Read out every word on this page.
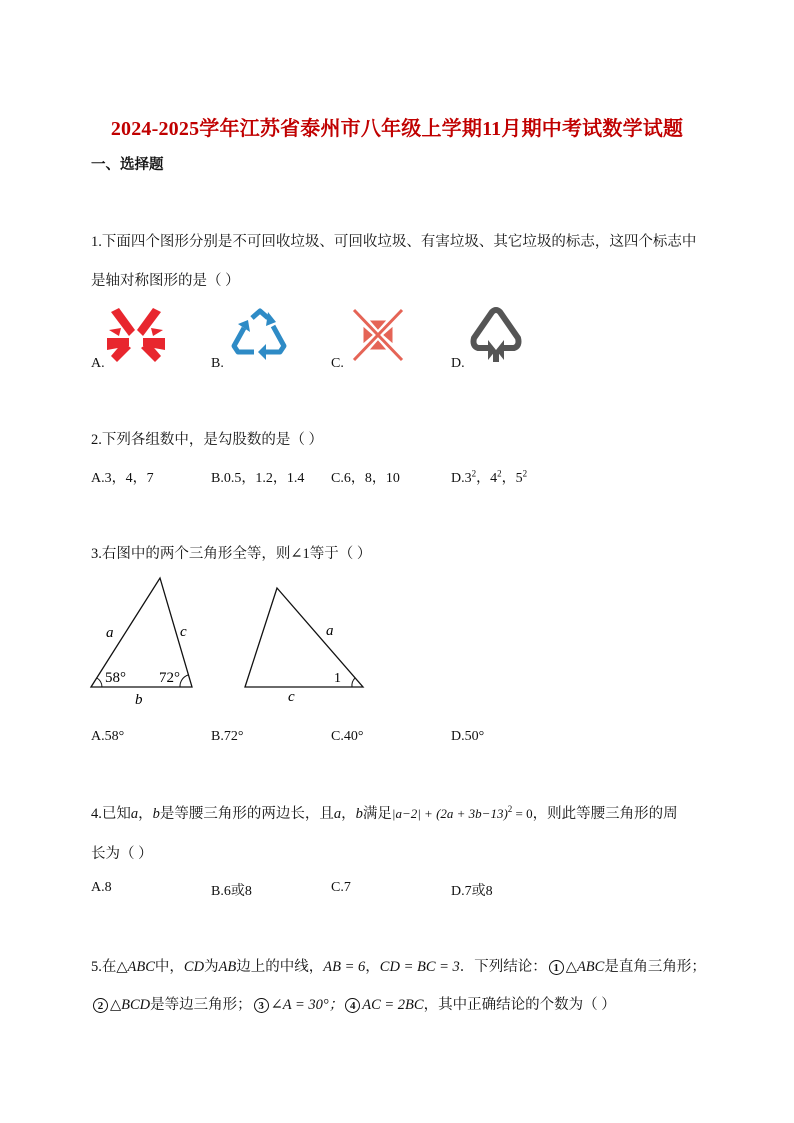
2024-2025学年江苏省泰州市八年级上学期11月期中考试数学试题
一、选择题
1.下面四个图形分别是不可回收垃圾、可回收垃圾、有害垃圾、其它垃圾的标志，这四个标志中
是轴对称图形的是（ ）
A.	B.	C.	D.
2.下列各组数中，是勾股数的是（ ）
A.3，4，7	B.0.5，1.2，1.4 C.6，8，10	$D.3^2$，$4^2$，$5^2$
3.右图中的两个三角形全等，则∠1等于（ ）
a	c
b
58° 72°
a
c
1
A.58°	B.72°	C.40°	D.50°
4.已知a，b是等腰三角形的两边长，且a，b满足$|a-2| + (2a + 3b-13)^2 = 0$，则此等腰三角形的周
长为（ ）
A.8	B.6或8	C.7	D.7或8
5.在△ABC中，CD为AB边上的中线，AB = 6，CD = BC = 3．下列结论： 1 △ABC是直角三角形；
2 △BCD是等边三角形； 3 ∠A = 30°； 4 AC = 2BC，其中正确结论的个数为（ ）
